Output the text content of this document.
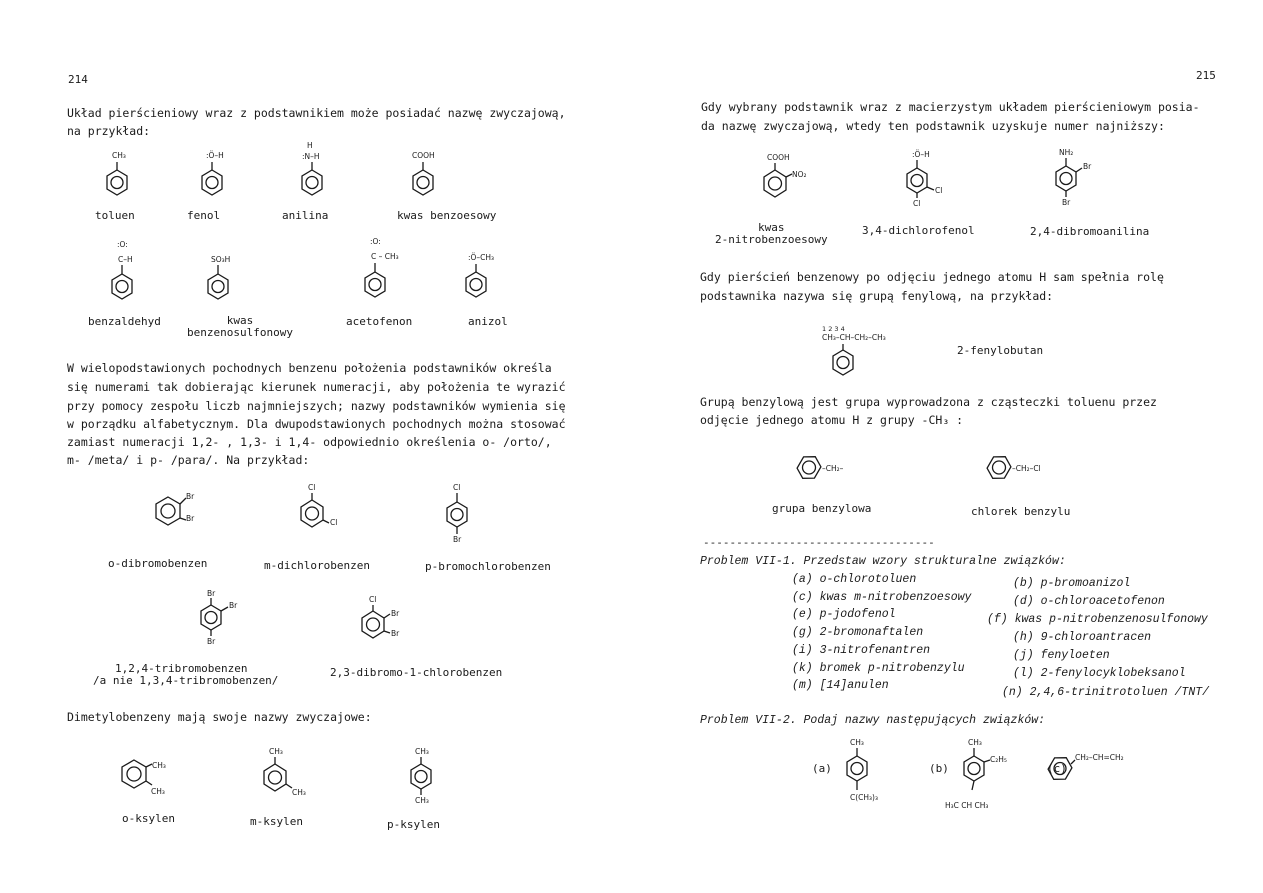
214
Układ pierścieniowy wraz z podstawnikiem może posiadać nazwę zwyczajową,
na przykład:
CH₃	:Ö–H
H
:N–H	COOH
:O:
C–H	SO₃H
:O:
C – CH₃	:Ö–CH₃
Br
Br
Cl
Cl
Cl
Br
Br
Br
Br
Cl
Br
Br
CH₃
CH₃
CH₃
CH₃
CH₃
CH₃
COOH
NO₂
:Ö–H
Cl
Cl
NH₂
Br
Br
1 2 3 4
CH₃–CH–CH₂–CH₃
–CH₂–	–CH₂–Cl
CH₃
C(CH₃)₃
CH₃
C₂H₅
H₃C CH CH₃
CH₂–CH=CH₂
toluen	fenol	anilina	kwas benzoesowy
benzaldehyd	kwas
benzenosulfonowy
acetofenon	anizol
W wielopodstawionych pochodnych benzenu położenia podstawników określa
się numerami tak dobierając kierunek numeracji, aby położenia te wyrazić
przy pomocy zespołu liczb najmniejszych; nazwy podstawników wymienia się
w porządku alfabetycznym. Dla dwupodstawionych pochodnych można stosować
zamiast numeracji 1,2- , 1,3- i 1,4- odpowiednio określenia o- /orto/,
m- /meta/ i p- /para/. Na przykład:
o-dibromobenzen	m-dichlorobenzen	p-bromochlorobenzen
1,2,4-tribromobenzen
/a nie 1,3,4-tribromobenzen/
2,3-dibromo-1-chlorobenzen
Dimetylobenzeny mają swoje nazwy zwyczajowe:
o-ksylen	m-ksylen	p-ksylen
215
Gdy wybrany podstawnik wraz z macierzystym układem pierścieniowym posia-
da nazwę zwyczajową, wtedy ten podstawnik uzyskuje numer najniższy:
kwas
2-nitrobenzoesowy
3,4-dichlorofenol	2,4-dibromoanilina
Gdy pierścień benzenowy po odjęciu jednego atomu H sam spełnia rolę
podstawnika nazywa się grupą fenylową, na przykład:
2-fenylobutan
Grupą benzylową jest grupa wyprowadzona z cząsteczki toluenu przez
odjęcie jednego atomu H z grupy -CH₃ :
grupa benzylowa	chlorek benzylu
-----------------------------------
Problem VII-1. Przedstaw wzory strukturalne związków:
(a) o-chlorotoluen	(b) p-bromoanizol
(c) kwas m-nitrobenzoesowy	(d) o-chloroacetofenon
(e) p-jodofenol	(f) kwas p-nitrobenzenosulfonowy
(g) 2-bromonaftalen	(h) 9-chloroantracen
(i) 3-nitrofenantren	(j) fenyloeten
(k) bromek p-nitrobenzylu	(l) 2-fenylocyklobeksanol
(m) [14]anulen
(n) 2,4,6-trinitrotoluen /TNT/
Problem VII-2. Podaj nazwy następujących związków:
(a)	(b)	(c)
